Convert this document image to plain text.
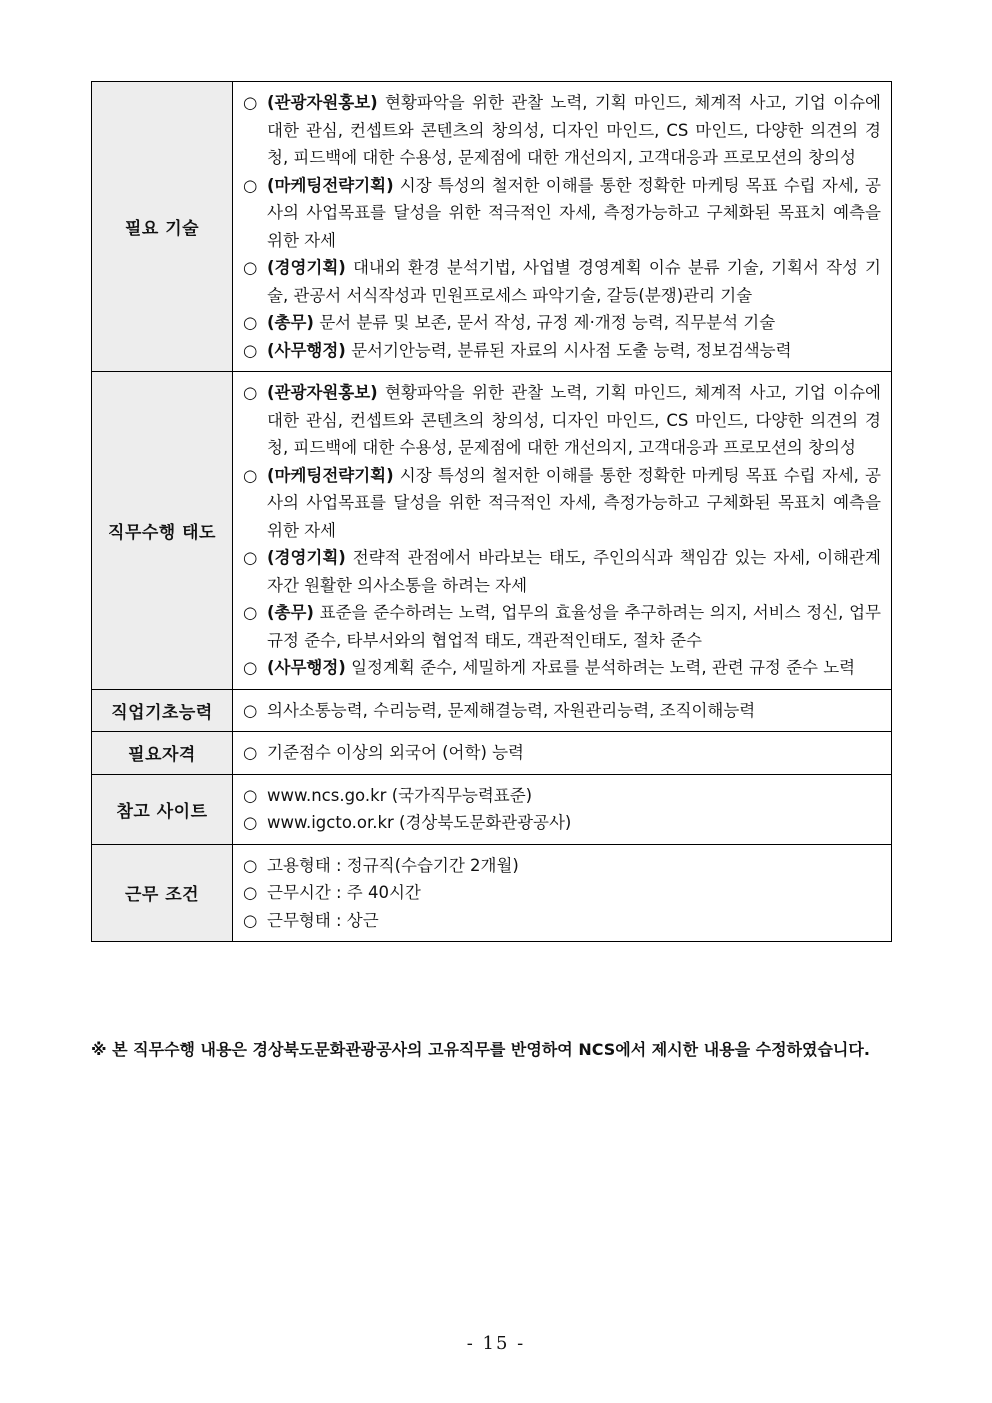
필요 기술	○ (관광자원홍보) 현황파악을 위한 관찰 노력, 기획 마인드, 체계적 사고, 기업 이슈에 대한 관심, 컨셉트와 콘텐츠의 창의성, 디자인 마인드, CS 마인드, 다양한 의견의 경청, 피드백에 대한 수용성, 문제점에 대한 개선의지, 고객대응과 프로모션의 창의성
○ (마케팅전략기획) 시장 특성의 철저한 이해를 통한 정확한 마케팅 목표 수립 자세, 공사의 사업목표를 달성을 위한 적극적인 자세, 측정가능하고 구체화된 목표치 예측을 위한 자세
○ (경영기획) 대내외 환경 분석기법, 사업별 경영계획 이슈 분류 기술, 기획서 작성 기술, 관공서 서식작성과 민원프로세스 파악기술, 갈등(분쟁)관리 기술
○ (총무) 문서 분류 및 보존, 문서 작성, 규정 제·개정 능력, 직무분석 기술
○ (사무행정) 문서기안능력, 분류된 자료의 시사점 도출 능력, 정보검색능력

직무수행 태도	○ (관광자원홍보) 현황파악을 위한 관찰 노력, 기획 마인드, 체계적 사고, 기업 이슈에 대한 관심, 컨셉트와 콘텐츠의 창의성, 디자인 마인드, CS 마인드, 다양한 의견의 경청, 피드백에 대한 수용성, 문제점에 대한 개선의지, 고객대응과 프로모션의 창의성
○ (마케팅전략기획) 시장 특성의 철저한 이해를 통한 정확한 마케팅 목표 수립 자세, 공사의 사업목표를 달성을 위한 적극적인 자세, 측정가능하고 구체화된 목표치 예측을 위한 자세
○ (경영기획) 전략적 관점에서 바라보는 태도, 주인의식과 책임감 있는 자세, 이해관계자간 원활한 의사소통을 하려는 자세
○ (총무) 표준을 준수하려는 노력, 업무의 효율성을 추구하려는 의지, 서비스 정신, 업무규정 준수, 타부서와의 협업적 태도, 객관적인태도, 절차 준수
○ (사무행정) 일정계획 준수, 세밀하게 자료를 분석하려는 노력, 관련 규정 준수 노력

직업기초능력	○ 의사소통능력, 수리능력, 문제해결능력, 자원관리능력, 조직이해능력

필요자격	○ 기준점수 이상의 외국어 (어학) 능력

참고 사이트	○ www.ncs.go.kr (국가직무능력표준)
○ www.igcto.or.kr (경상북도문화관광공사)

근무 조건	○ 고용형태 : 정규직(수습기간 2개월)
○ 근무시간 : 주 40시간
○ 근무형태 : 상근
※ 본 직무수행 내용은 경상북도문화관광공사의 고유직무를 반영하여 NCS에서 제시한 내용을 수정하였습니다.
- 15 -
